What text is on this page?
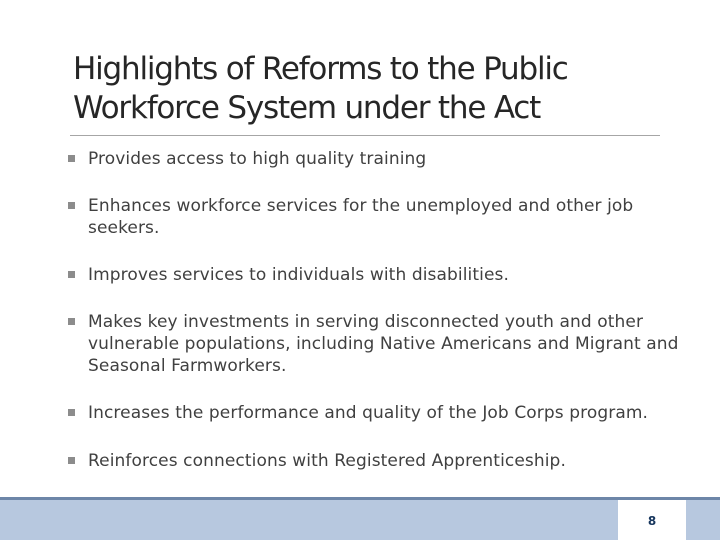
Highlights of Reforms to the Public
Workforce System under the Act
Provides access to high quality training
Enhances workforce services for the unemployed and other job seekers.
Improves services to individuals with disabilities.
Makes key investments in serving disconnected youth and other vulnerable populations, including Native Americans and Migrant and Seasonal Farmworkers.
Increases the performance and quality of the Job Corps program.
Reinforces connections with Registered Apprenticeship.
8
